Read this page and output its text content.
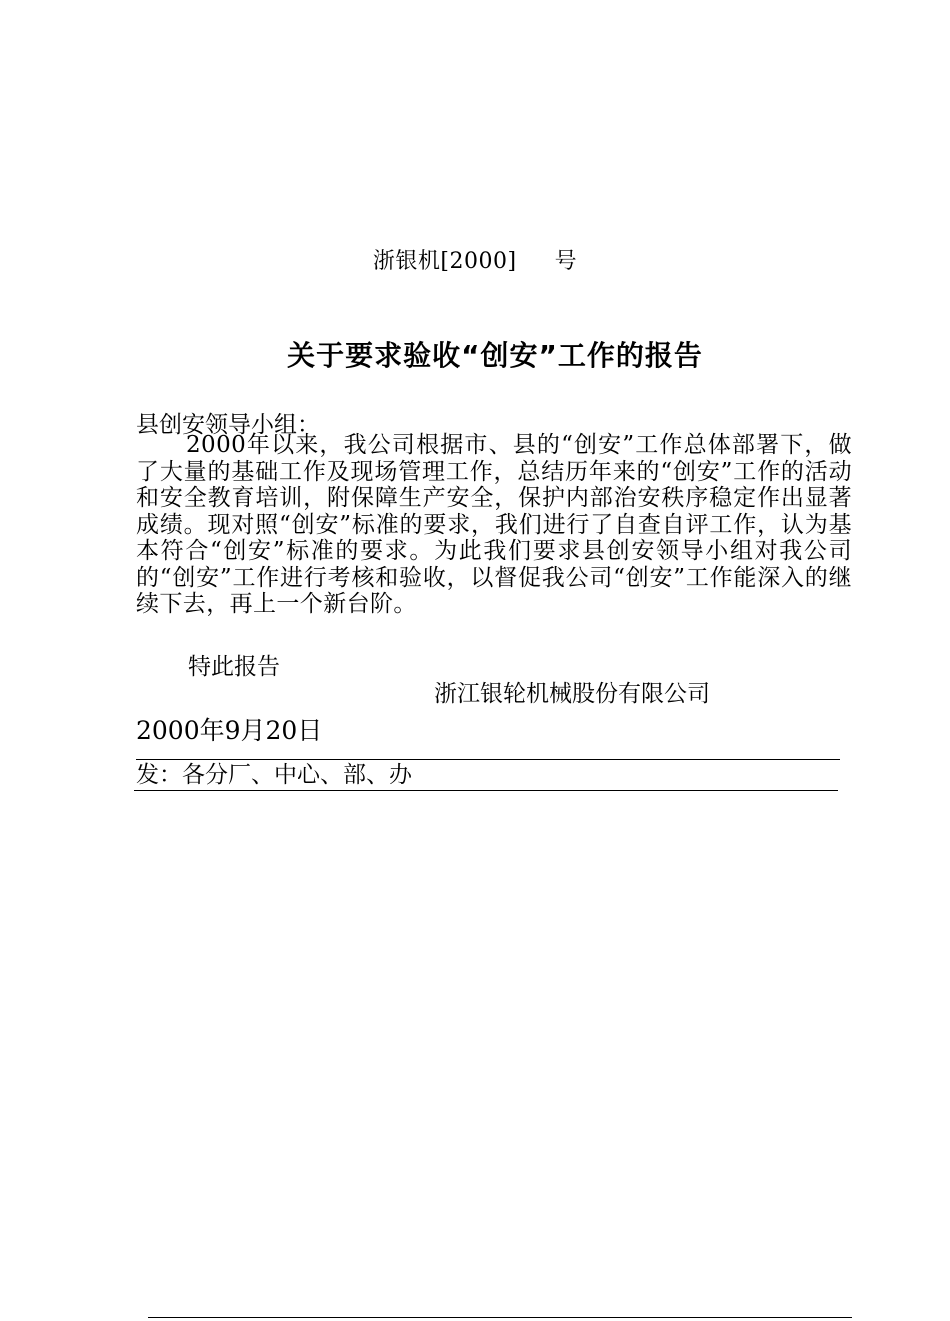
浙银机[2000] 号
关于要求验收“创安”工作的报告
县创安领导小组：
2000年以来，我公司根据市、县的“创安”工作总体部署下，做了大量的基础工作及现场管理工作，总结历年来的“创安”工作的活动和安全教育培训，附保障生产安全，保护内部治安秩序稳定作出显著成绩。现对照“创安”标准的要求，我们进行了自查自评工作，认为基本符合“创安”标准的要求。为此我们要求县创安领导小组对我公司的“创安”工作进行考核和验收，以督促我公司“创安”工作能深入的继续下去，再上一个新台阶。
特此报告
浙江银轮机械股份有限公司
2000年9月20日
发：各分厂、中心、部、办
